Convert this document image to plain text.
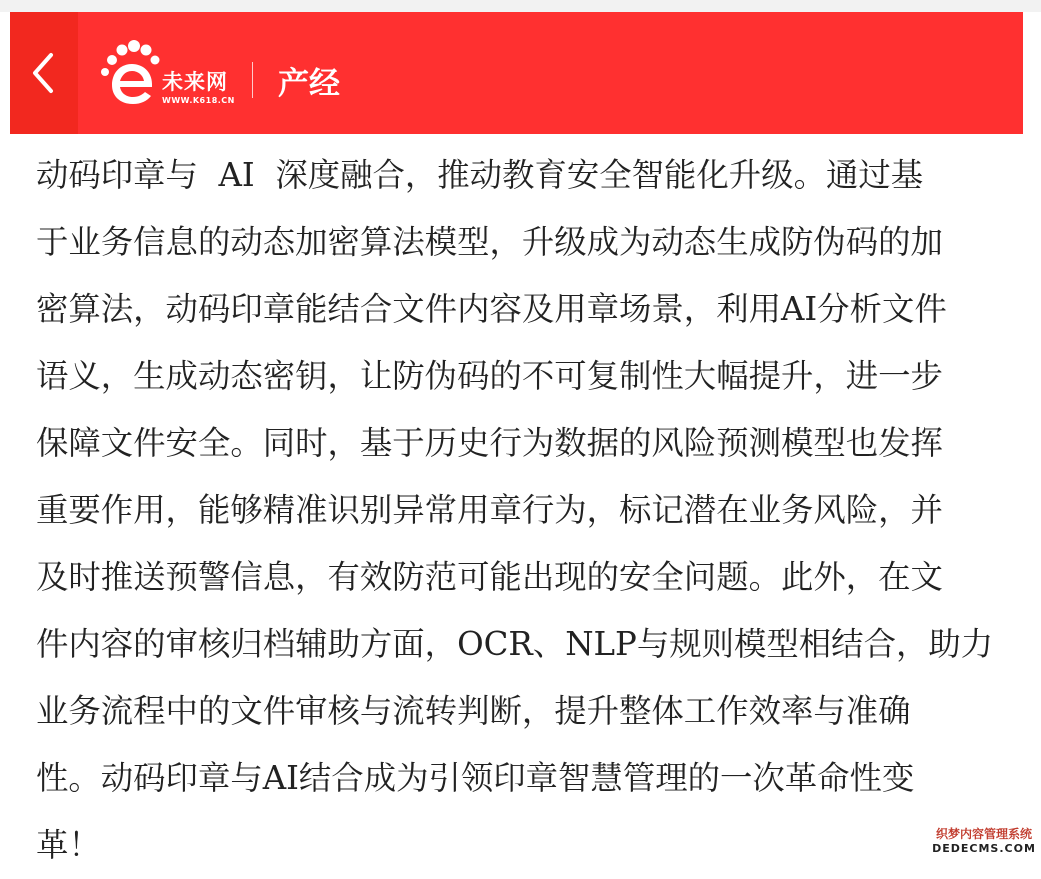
未来网
WWW.K618.CN 产经
动码印章与  AI  深度融合，推动教育安全智能化升级。通过基
于业务信息的动态加密算法模型，升级成为动态生成防伪码的加
密算法，动码印章能结合文件内容及用章场景，利用AI分析文件
语义，生成动态密钥，让防伪码的不可复制性大幅提升，进一步
保障文件安全。同时，基于历史行为数据的风险预测模型也发挥
重要作用，能够精准识别异常用章行为，标记潜在业务风险，并
及时推送预警信息，有效防范可能出现的安全问题。此外，在文
件内容的审核归档辅助方面，OCR、NLP与规则模型相结合，助力
业务流程中的文件审核与流转判断，提升整体工作效率与准确
性。动码印章与AI结合成为引领印章智慧管理的一次革命性变
革！	织梦内容管理系统
DEDECMS.COM
